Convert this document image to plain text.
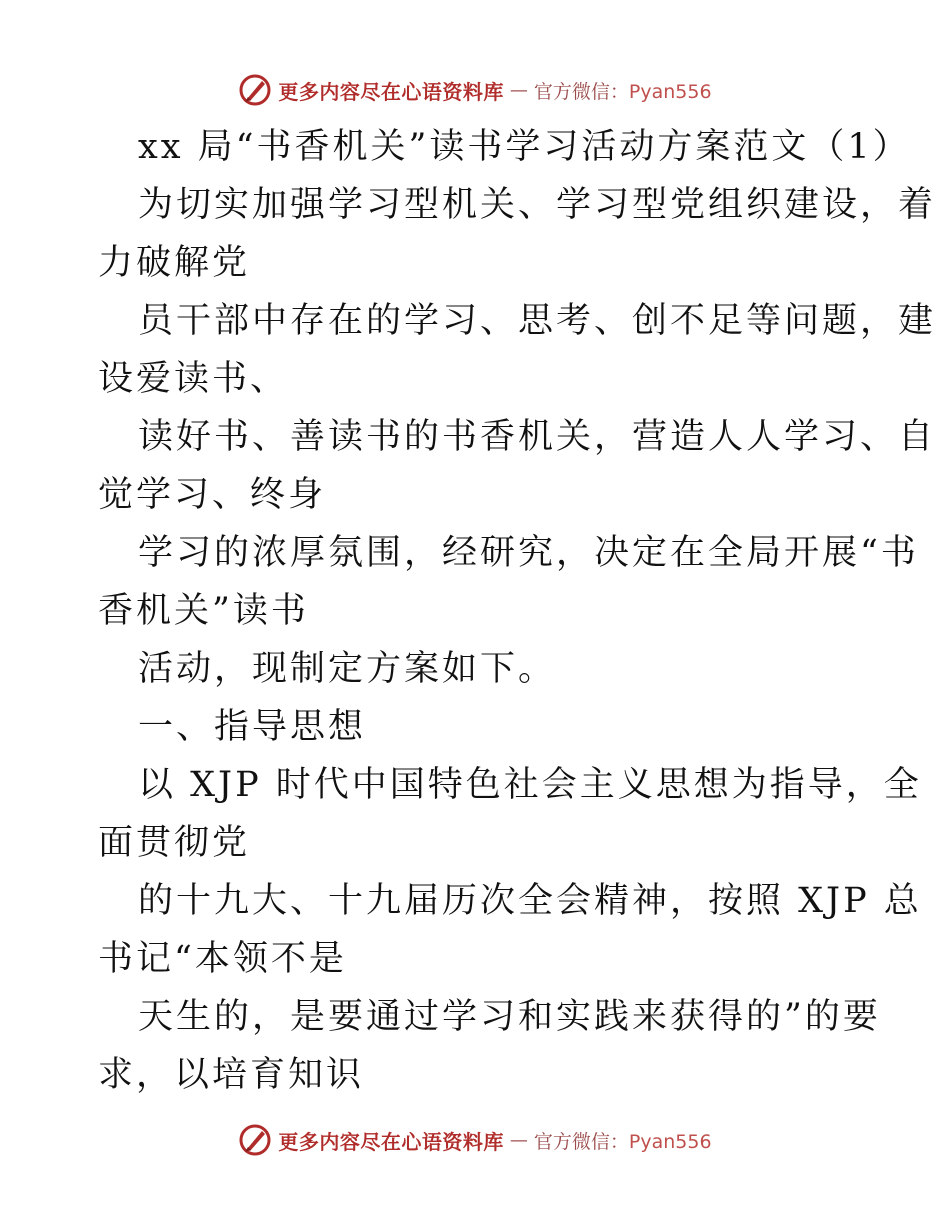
更多内容尽在心语资料库 — 官方微信：Pyan556
xx 局“书香机关”读书学习活动方案范文（1）
为切实加强学习型机关、学习型党组织建设，着
力破解党
员干部中存在的学习、思考、创不足等问题，建
设爱读书、
读好书、善读书的书香机关，营造人人学习、自
觉学习、终身
学习的浓厚氛围，经研究，决定在全局开展“书
香机关”读书
活动，现制定方案如下。
一、指导思想
以 XJP 时代中国特色社会主义思想为指导，全
面贯彻党
的十九大、十九届历次全会精神，按照 XJP 总
书记“本领不是
天生的，是要通过学习和实践来获得的”的要
求，以培育知识
更多内容尽在心语资料库 — 官方微信：Pyan556
